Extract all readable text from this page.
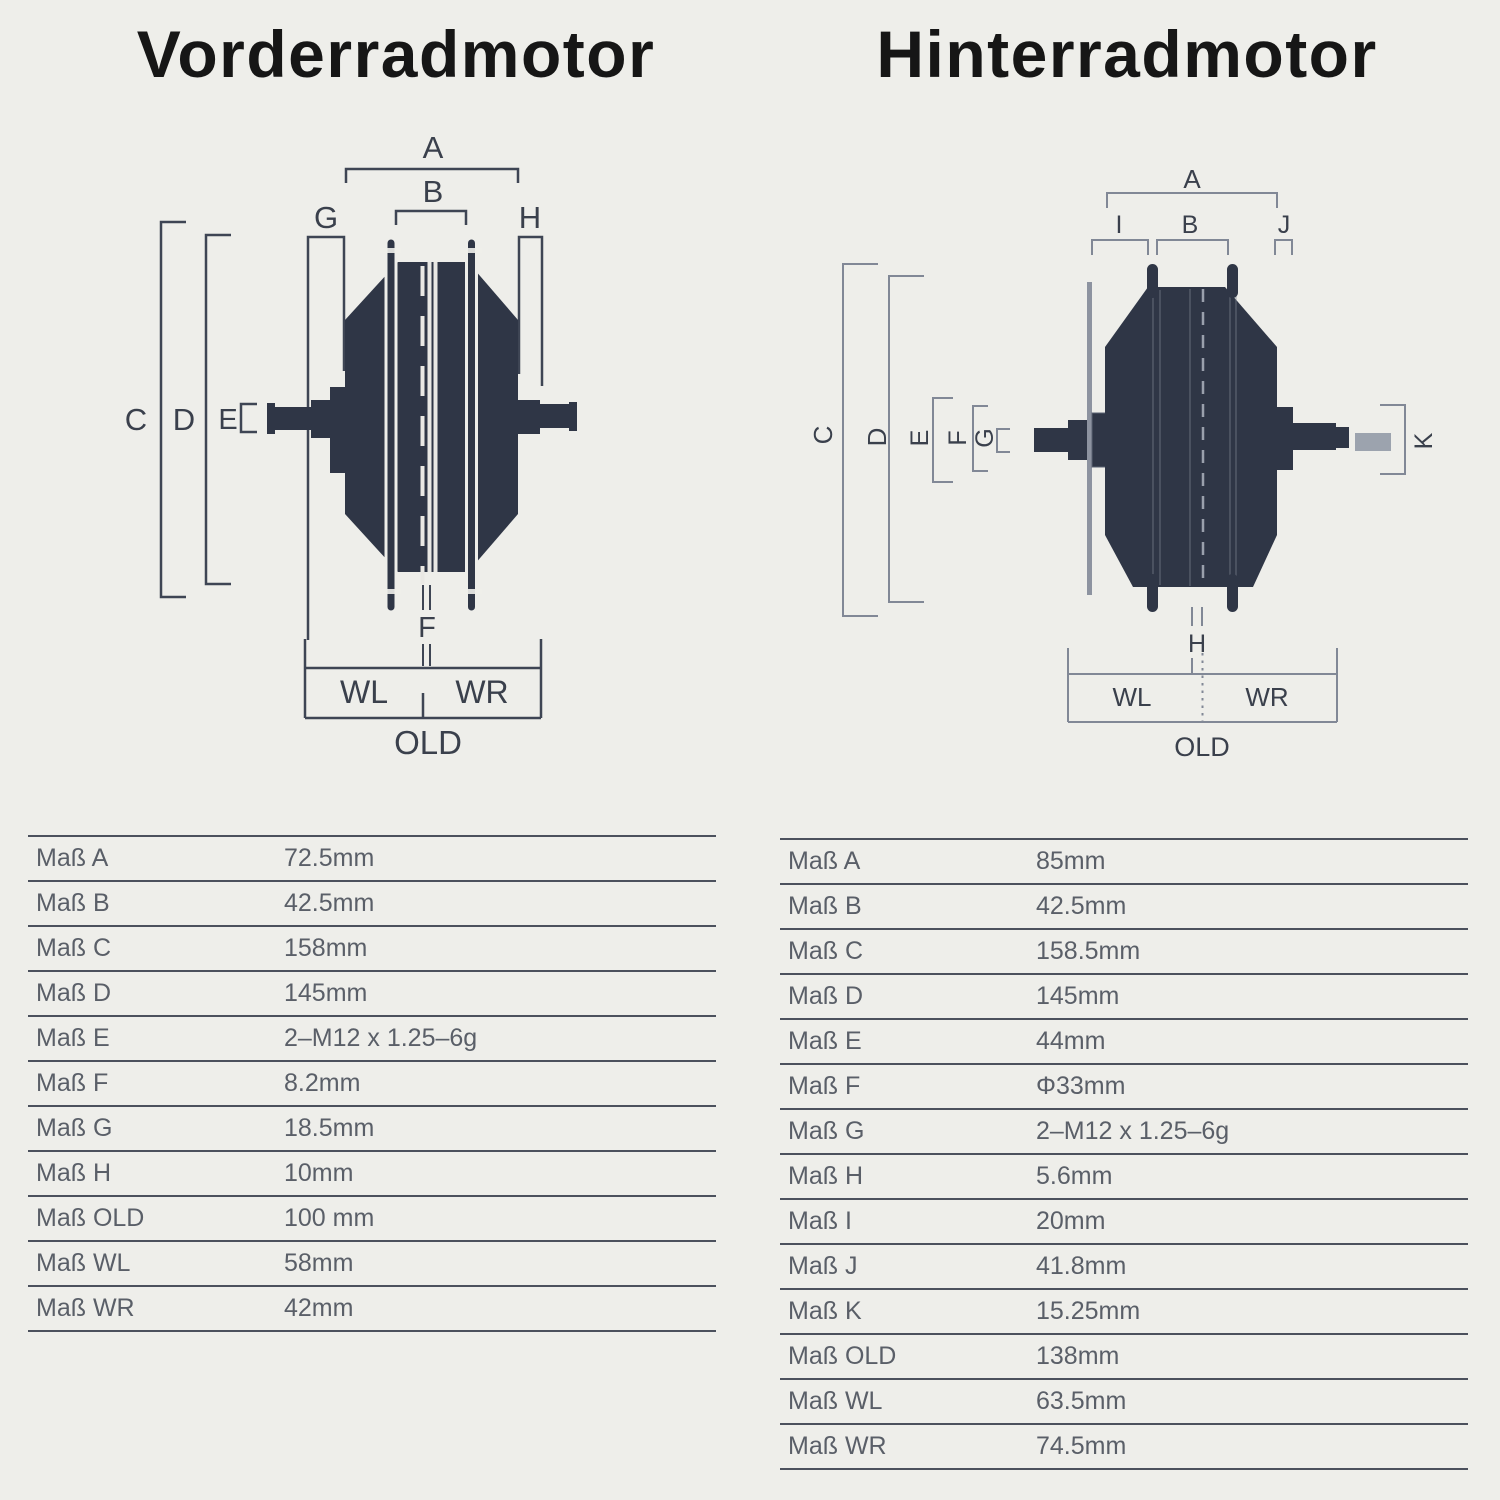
Vorderradmotor	Hinterradmotor
A
B
G	H
C D E
F
WL WR
OLD
A
I B	J
C D E F G	K
H
WL	WR
OLD
Maß A	72.5mm
Maß B	42.5mm
Maß C	158mm
Maß D	145mm
Maß E	2–M12 x 1.25–6g
Maß F	8.2mm
Maß G	18.5mm
Maß H	10mm
Maß OLD	100 mm
Maß WL	58mm
Maß WR	42mm
Maß A	85mm
Maß B	42.5mm
Maß C	158.5mm
Maß D	145mm
Maß E	44mm
Maß F	Φ33mm
Maß G	2–M12 x 1.25–6g
Maß H	5.6mm
Maß I	20mm
Maß J	41.8mm
Maß K	15.25mm
Maß OLD	138mm
Maß WL	63.5mm
Maß WR	74.5mm
